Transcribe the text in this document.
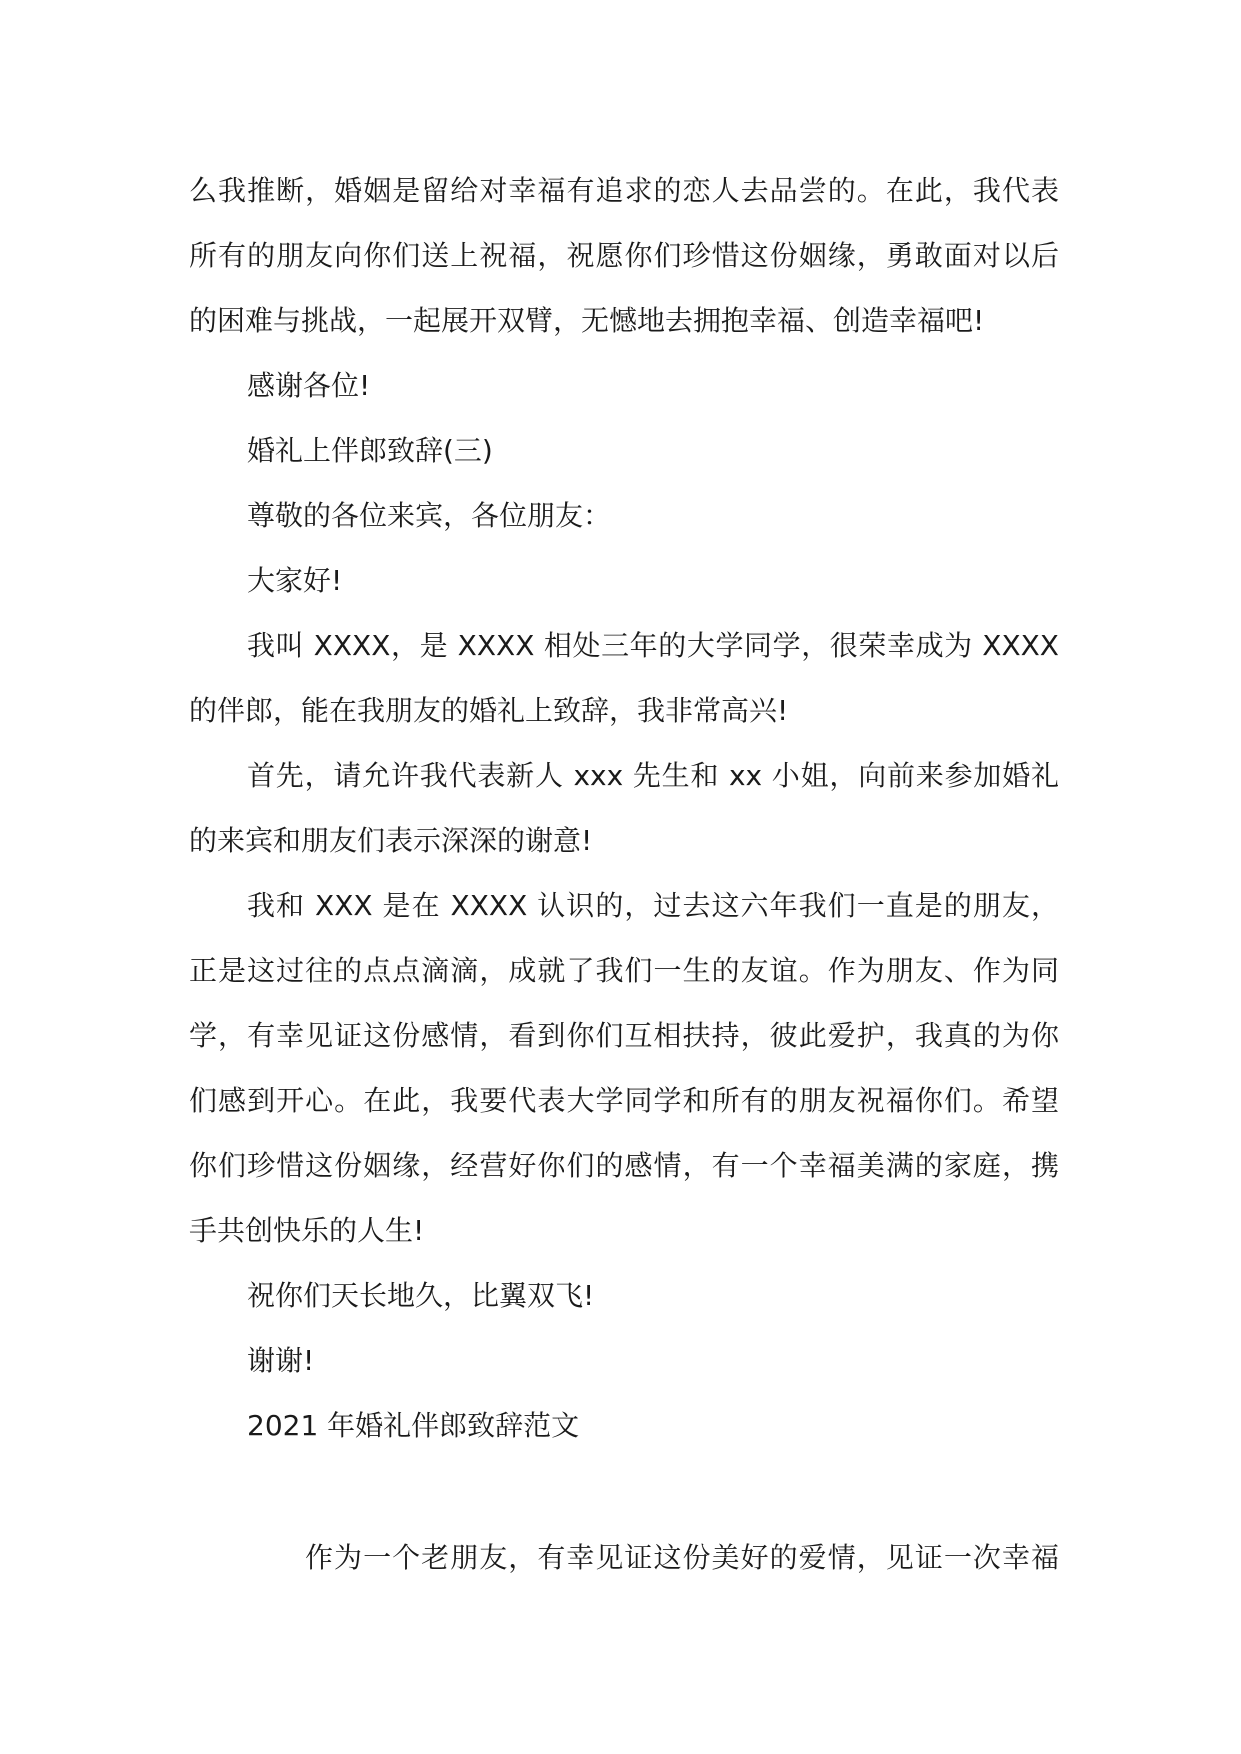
么我推断，婚姻是留给对幸福有追求的恋人去品尝的。在此，我代表
所有的朋友向你们送上祝福，祝愿你们珍惜这份姻缘，勇敢面对以后
的困难与挑战，一起展开双臂，无憾地去拥抱幸福、创造幸福吧!
感谢各位!
婚礼上伴郎致辞(三)
尊敬的各位来宾，各位朋友：
大家好!
我叫 XXXX，是 XXXX 相处三年的大学同学，很荣幸成为 XXXX
的伴郎，能在我朋友的婚礼上致辞，我非常高兴!
首先，请允许我代表新人 xxx 先生和 xx 小姐，向前来参加婚礼
的来宾和朋友们表示深深的谢意!
我和 XXX 是在 XXXX 认识的，过去这六年我们一直是的朋友，
正是这过往的点点滴滴，成就了我们一生的友谊。作为朋友、作为同
学，有幸见证这份感情，看到你们互相扶持，彼此爱护，我真的为你
们感到开心。在此，我要代表大学同学和所有的朋友祝福你们。希望
你们珍惜这份姻缘，经营好你们的感情，有一个幸福美满的家庭，携
手共创快乐的人生!
祝你们天长地久，比翼双飞!
谢谢!
2021 年婚礼伴郎致辞范文
作为一个老朋友，有幸见证这份美好的爱情，见证一次幸福
